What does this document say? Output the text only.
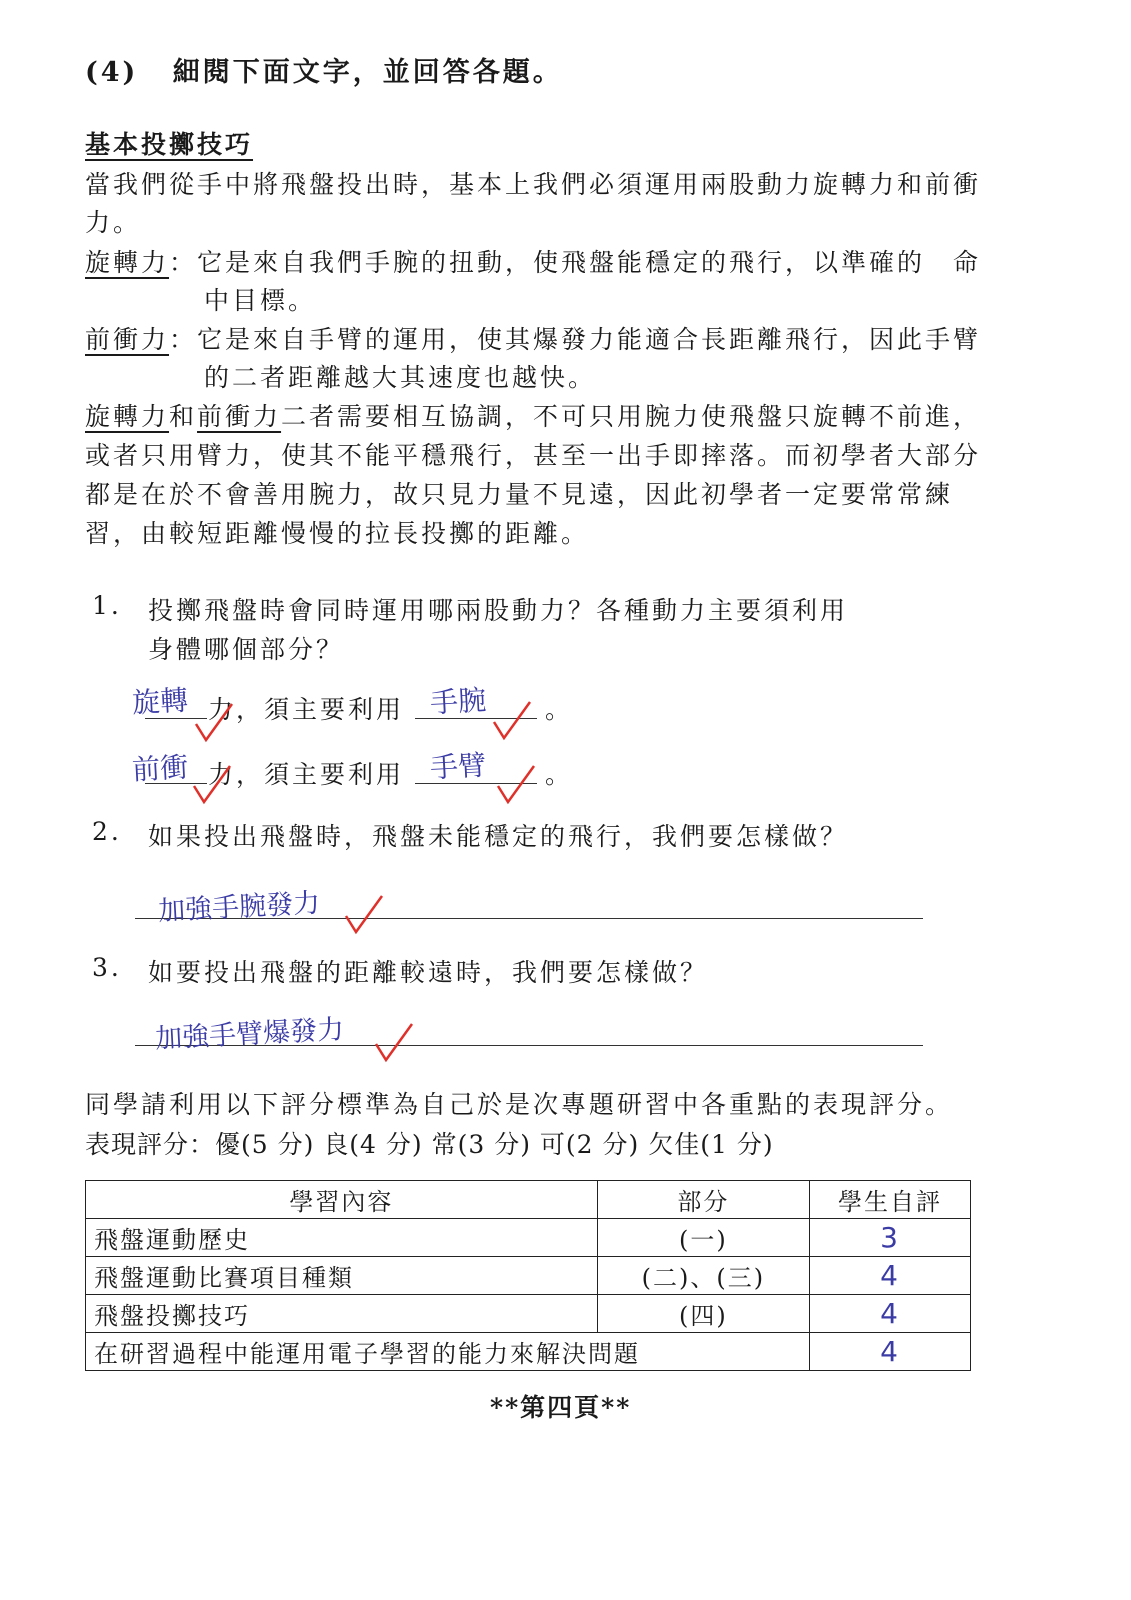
(4) 細閱下面文字，並回答各題。
基本投擲技巧
當我們從手中將飛盤投出時，基本上我們必須運用兩股動力旋轉力和前衝
力。
旋轉力：它是來自我們手腕的扭動，使飛盤能穩定的飛行，以準確的　命
中目標。
前衝力：它是來自手臂的運用，使其爆發力能適合長距離飛行，因此手臂
的二者距離越大其速度也越快。
旋轉力和前衝力二者需要相互協調，不可只用腕力使飛盤只旋轉不前進，
或者只用臂力，使其不能平穩飛行，甚至一出手即摔落。而初學者大部分
都是在於不會善用腕力，故只見力量不見遠，因此初學者一定要常常練
習，由較短距離慢慢的拉長投擲的距離。
1. 投擲飛盤時會同時運用哪兩股動力？各種動力主要須利用
身體哪個部分？
旋轉 力，須主要利用 手腕 。
前衝 力，須主要利用 手臂 。
2. 如果投出飛盤時，飛盤未能穩定的飛行，我們要怎樣做？
加強手腕發力
3. 如要投出飛盤的距離較遠時，我們要怎樣做？
加強手臂爆發力
同學請利用以下評分標準為自己於是次專題研習中各重點的表現評分。
表現評分：優(5 分) 良(4 分) 常(3 分) 可(2 分) 欠佳(1 分)
學習內容	部分	學生自評
飛盤運動歷史	(一)	3
飛盤運動比賽項目種類	(二)、(三)	4
飛盤投擲技巧	(四)	4
在研習過程中能運用電子學習的能力來解決問題		4
**第四頁**
